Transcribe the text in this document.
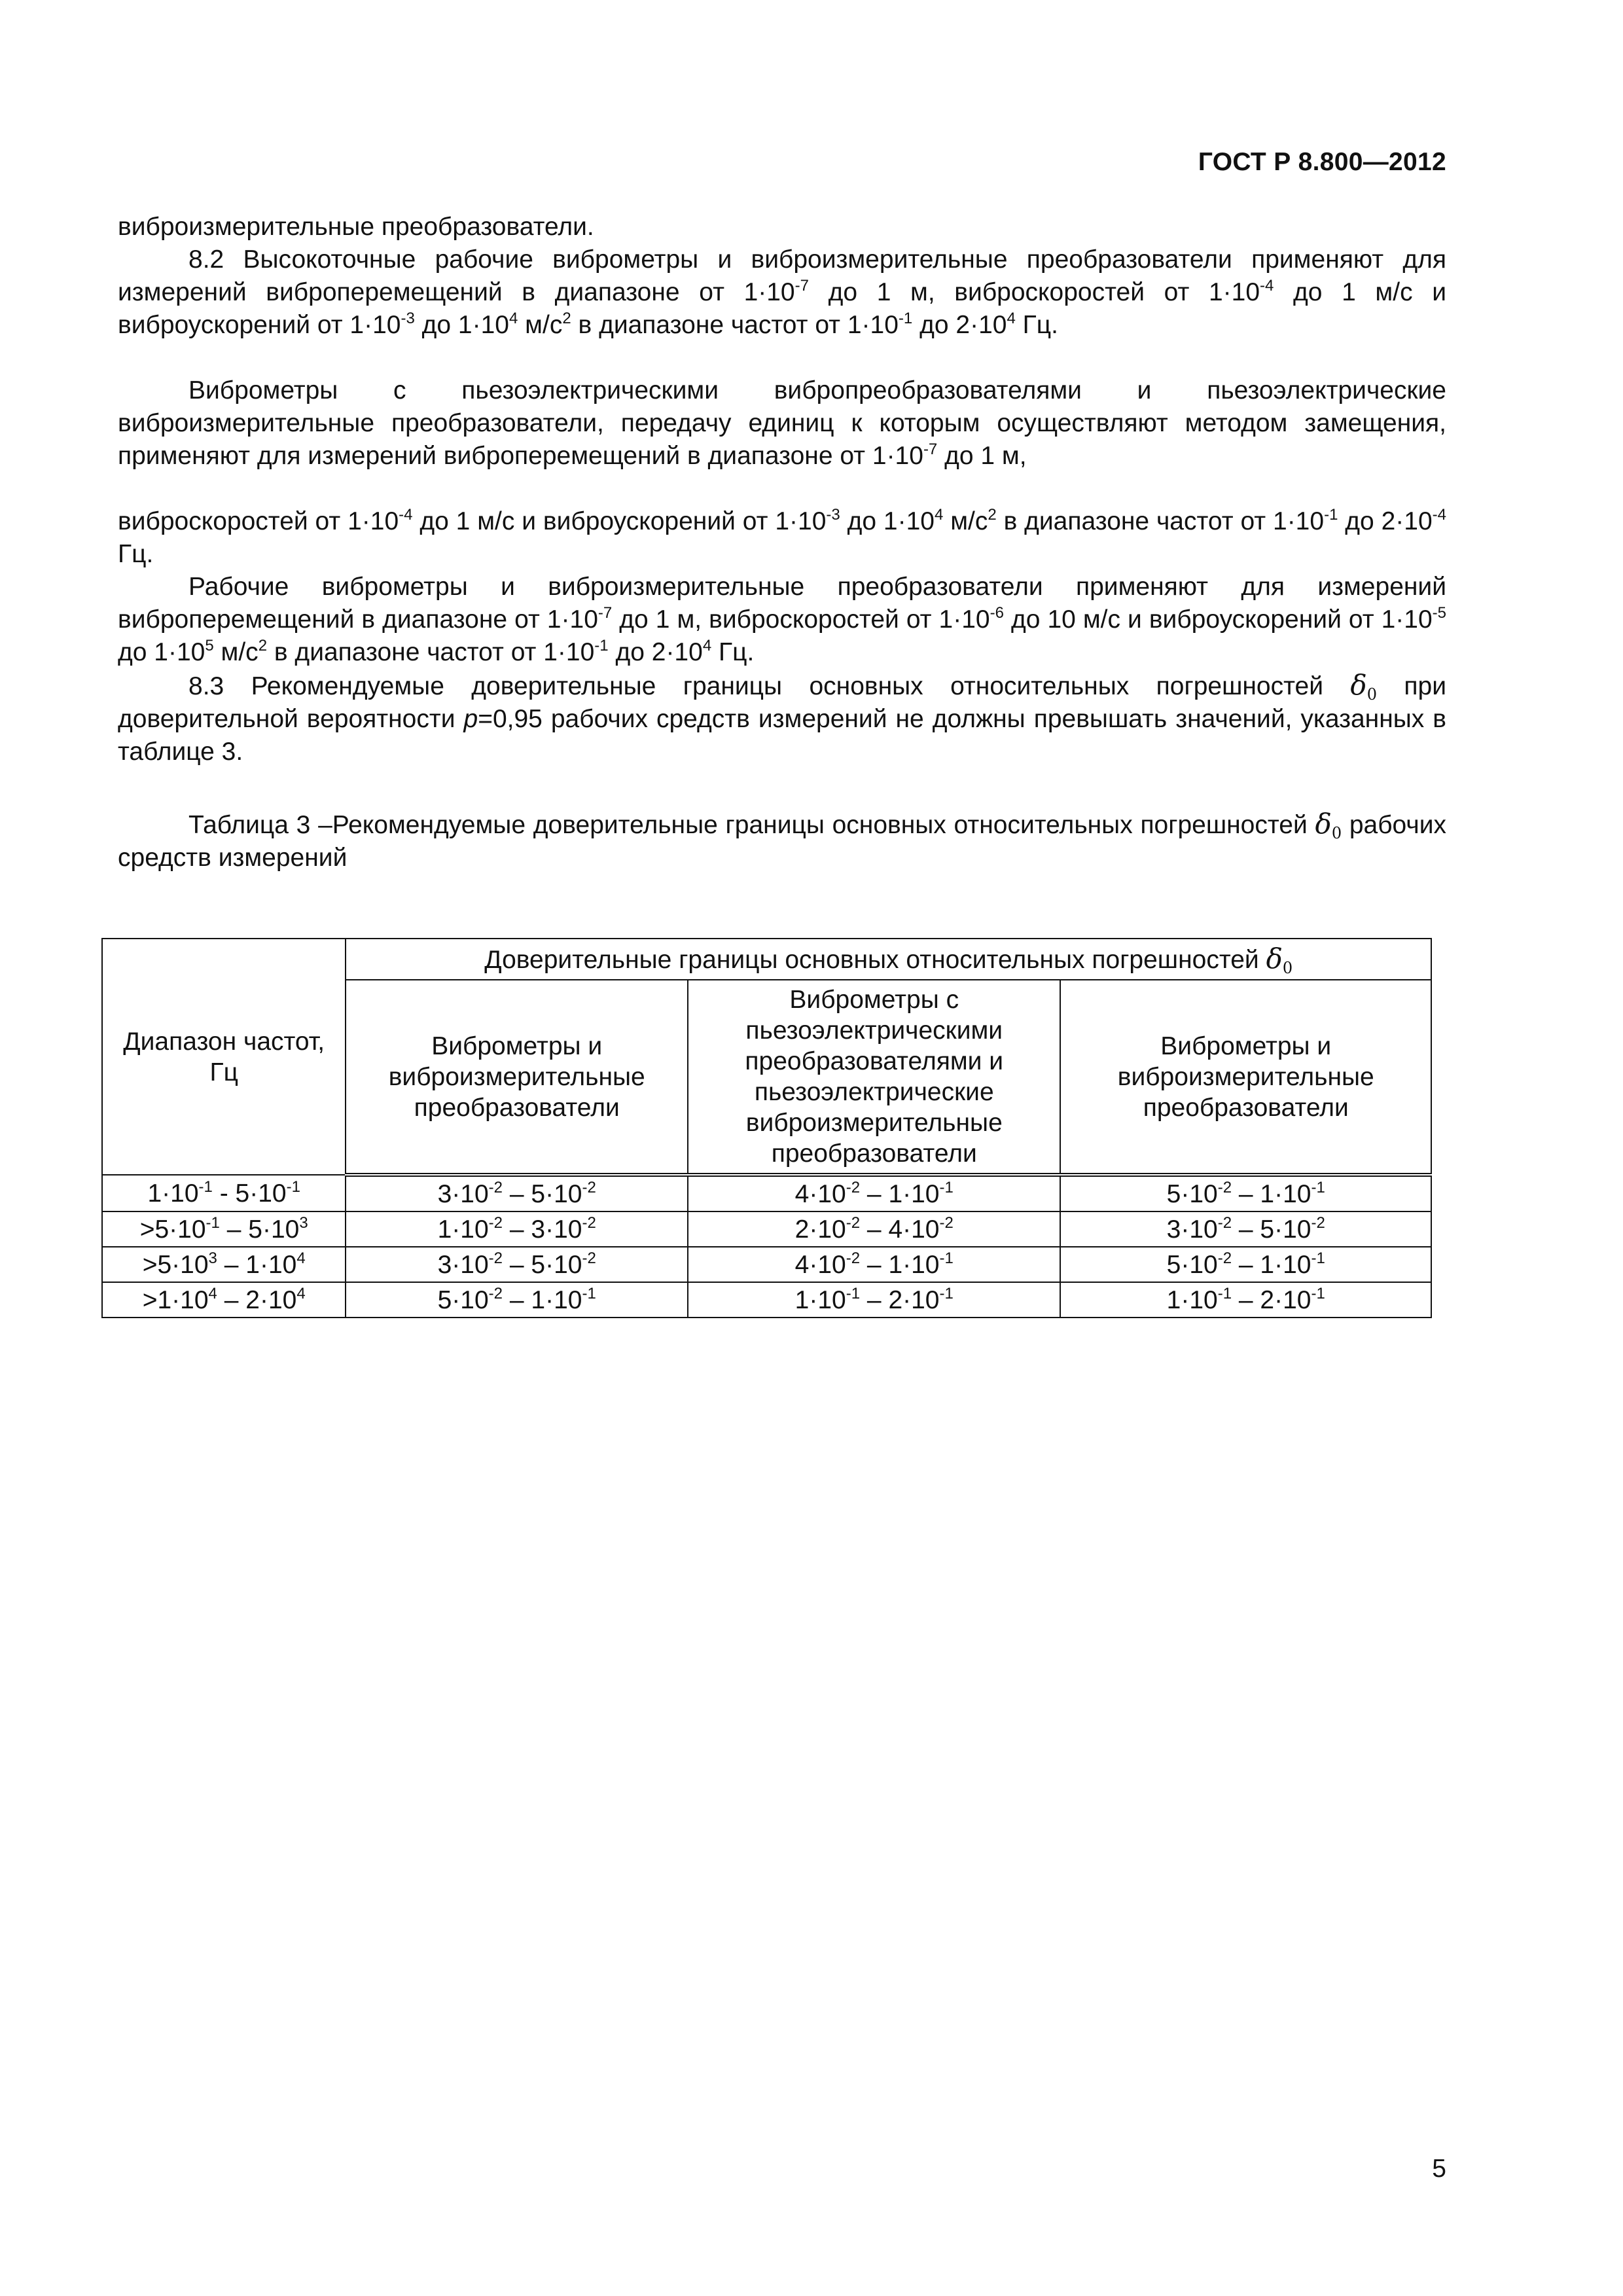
ГОСТ Р 8.800—2012

виброизмерительные преобразователи.

8.2 Высокоточные рабочие виброметры и виброизмерительные преобразователи применяют для измерений виброперемещений в диапазоне от $1\cdot 10^{-7}$ до 1 м, виброскоростей от $1\cdot 10^{-4}$ до 1 м/с и виброускорений от $1\cdot 10^{-3}$ до $1\cdot 10^4$ $м/с^2$ в диапазоне частот от $1\cdot 10^{-1}$ до $2\cdot 10^4$ Гц.

Виброметры с пьезоэлектрическими вибропреобразователями и пьезоэлектрические виброизмерительные преобразователи, передачу единиц к которым осуществляют методом замещения, применяют для измерений виброперемещений в диапазоне от $1\cdot 10^{-7}$ до 1 м,

виброскоростей от $1\cdot 10^{-4}$ до 1 м/с и виброускорений от $1\cdot 10^{-3}$ до $1\cdot 10^4$ $м/с^2$ в диапазоне частот от $1\cdot 10^{-1}$ до $2\cdot 10^{-4}$ Гц.

Рабочие виброметры и виброизмерительные преобразователи применяют для измерений виброперемещений в диапазоне от $1\cdot 10^{-7}$ до 1 м, виброскоростей от $1\cdot 10^{-6}$ до 10 м/с и виброускорений от $1\cdot 10^{-5}$ до $1\cdot 10^5$ $м/с^2$ в диапазоне частот от $1\cdot 10^{-1}$ до $2\cdot 10^4$ Гц.

8.3 Рекомендуемые доверительные границы основных относительных погрешностей $\delta_0$ при доверительной вероятности p=0,95 рабочих средств измерений не должны превышать значений, указанных в таблице 3.

Таблица 3 –Рекомендуемые доверительные границы основных относительных погрешностей $\delta_0$ рабочих средств измерений

Диапазон частот, Гц	Доверительные границы основных относительных погрешностей $\delta_0$
	Виброметры и виброизмерительные преобразователи	Виброметры с пьезоэлектрическими преобразователями и пьезоэлектрические виброизмерительные преобразователи	Виброметры и виброизмерительные преобразователи
$1\cdot 10^{-1} - 5\cdot 10^{-1}$	$3\cdot 10^{-2} - 5\cdot 10^{-2}$	$4\cdot 10^{-2} - 1\cdot 10^{-1}$	$5\cdot 10^{-2} - 1\cdot 10^{-1}$
$>5\cdot 10^{-1} - 5\cdot 10^3$	$1\cdot 10^{-2} - 3\cdot 10^{-2}$	$2\cdot 10^{-2} - 4\cdot 10^{-2}$	$3\cdot 10^{-2} - 5\cdot 10^{-2}$
$>5\cdot 10^3 - 1\cdot 10^4$	$3\cdot 10^{-2} - 5\cdot 10^{-2}$	$4\cdot 10^{-2} - 1\cdot 10^{-1}$	$5\cdot 10^{-2} - 1\cdot 10^{-1}$
$>1\cdot 10^4 - 2\cdot 10^4$	$5\cdot 10^{-2} - 1\cdot 10^{-1}$	$1\cdot 10^{-1} - 2\cdot 10^{-1}$	$1\cdot 10^{-1} - 2\cdot 10^{-1}$
5
